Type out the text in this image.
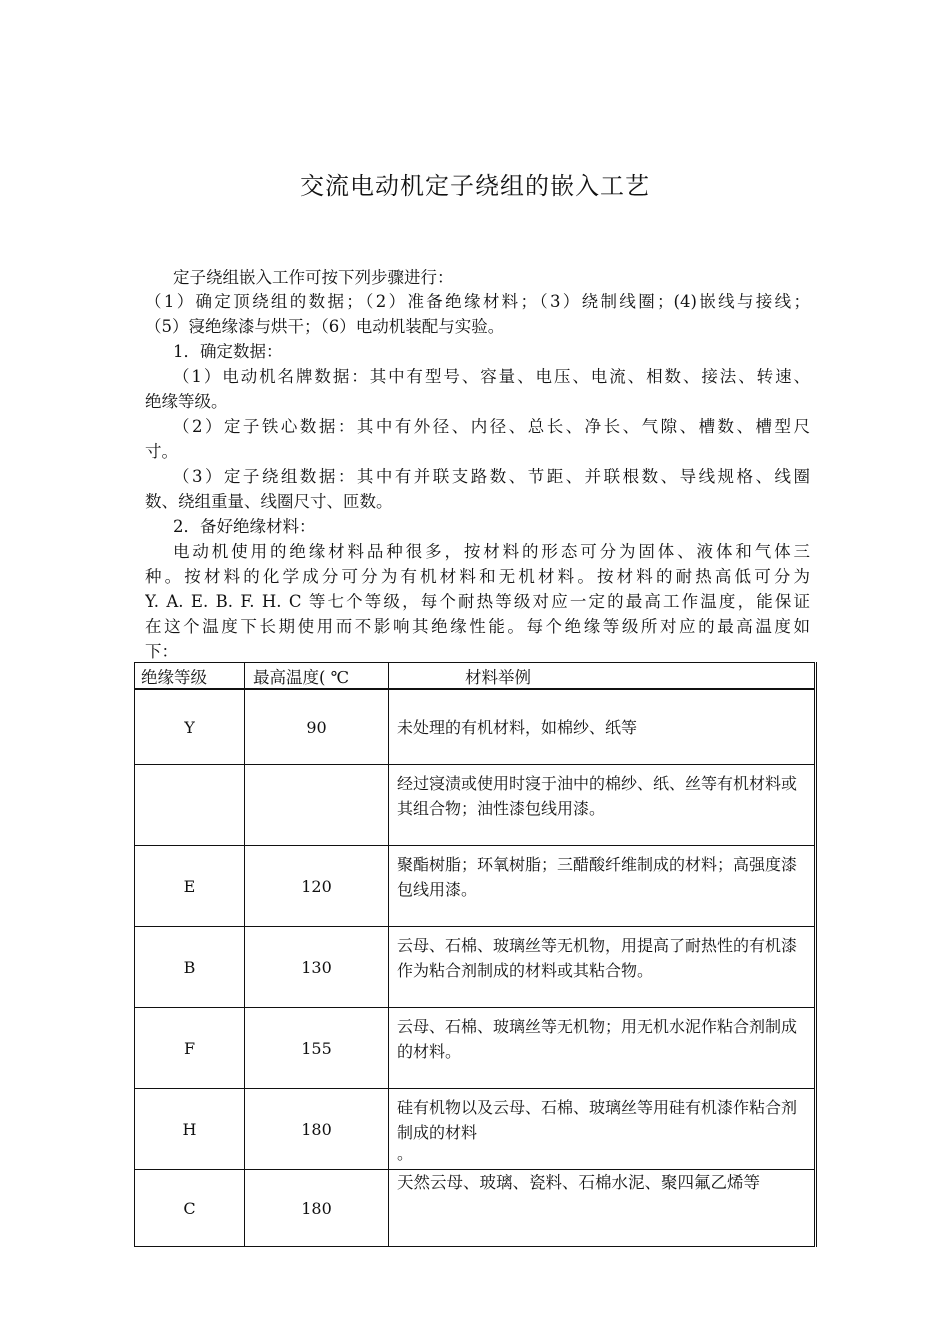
交流电动机定子绕组的嵌入工艺
定子绕组嵌入工作可按下列步骤进行：
（1）确定顶绕组的数据；（2）准备绝缘材料；（3）绕制线圈；(4)嵌线与接线；
（5）寖绝缘漆与烘干；（6）电动机装配与实验。
1．确定数据：
（1）电动机名牌数据：其中有型号、容量、电压、电流、相数、接法、转速、
绝缘等级。
（2）定子铁心数据：其中有外径、内径、总长、净长、气隙、槽数、槽型尺
寸。
（3）定子绕组数据：其中有并联支路数、节距、并联根数、导线规格、线圈
数、绕组重量、线圈尺寸、匝数。
2．备好绝缘材料：
电动机使用的绝缘材料品种很多，按材料的形态可分为固体、液体和气体三
种。按材料的化学成分可分为有机材料和无机材料。按材料的耐热高低可分为
Y. A. E. B. F. H. C 等七个等级，每个耐热等级对应一定的最高工作温度，能保证
在这个温度下长期使用而不影响其绝缘性能。每个绝缘等级所对应的最高温度如
下：
绝缘等级	最高温度( ℃	材料举例
Y	90	未处理的有机材料，如棉纱、纸等
		经过寖渍或使用时寖于油中的棉纱、纸、丝等有机材料或其组合物；油性漆包线用漆。
E	120	聚酯树脂；环氧树脂；三醋酸纤维制成的材料；高强度漆包线用漆。
B	130	云母、石棉、玻璃丝等无机物，用提高了耐热性的有机漆作为粘合剂制成的材料或其粘合物。
F	155	云母、石棉、玻璃丝等无机物；用无机水泥作粘合剂制成的材料。
H	180	硅有机物以及云母、石棉、玻璃丝等用硅有机漆作粘合剂制成的材料
。

C	180	天然云母、玻璃、瓷料、石棉水泥、聚四氟乙烯等
